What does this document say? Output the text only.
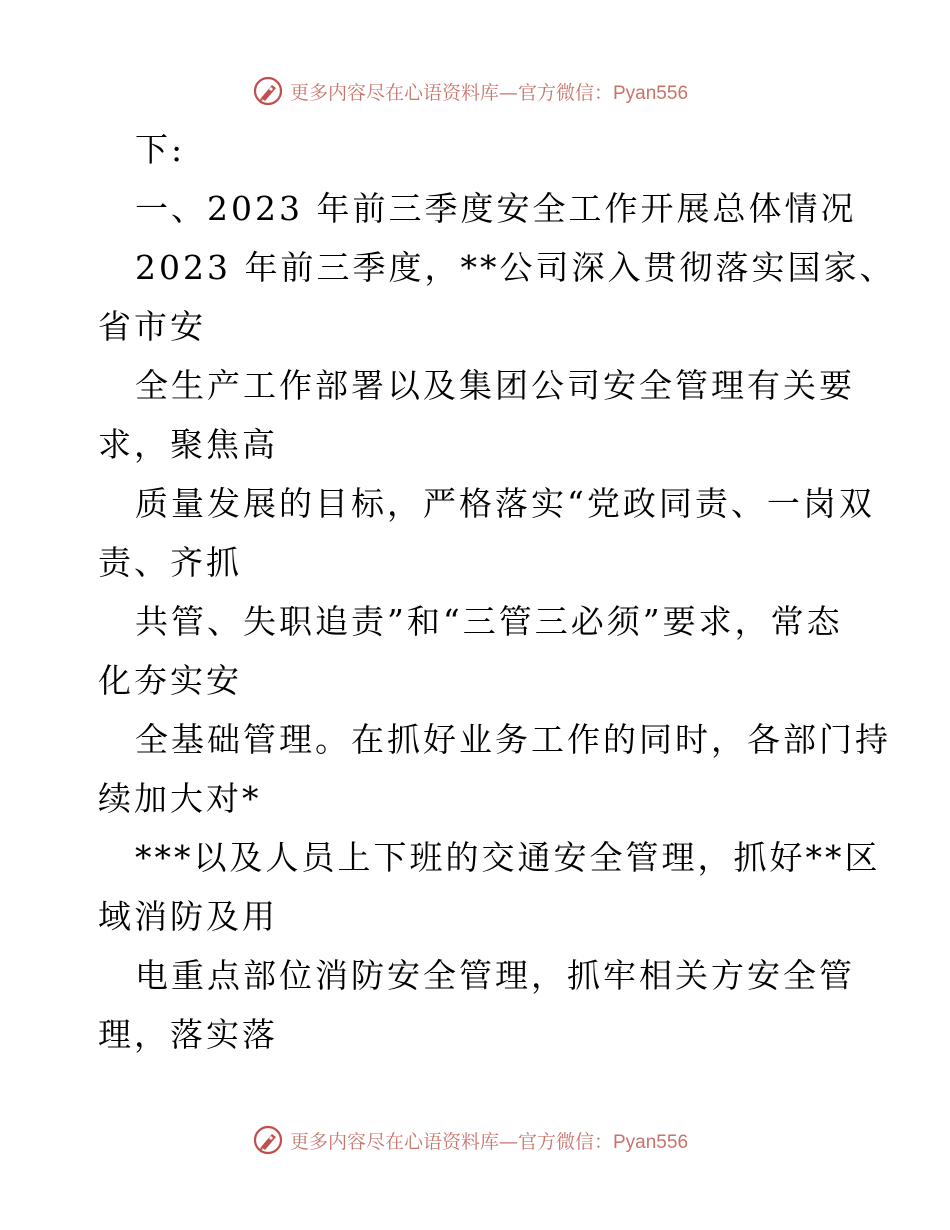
更多内容尽在心语资料库—官方微信：Pyan556
下:
一、2023 年前三季度安全工作开展总体情况
2023 年前三季度，**公司深入贯彻落实国家、
省市安
全生产工作部署以及集团公司安全管理有关要
求，聚焦高
质量发展的目标，严格落实“党政同责、一岗双
责、齐抓
共管、失职追责”和“三管三必须”要求，常态
化夯实安
全基础管理。在抓好业务工作的同时，各部门持
续加大对*
***以及人员上下班的交通安全管理，抓好**区
域消防及用
电重点部位消防安全管理，抓牢相关方安全管
理，落实落
更多内容尽在心语资料库—官方微信：Pyan556
